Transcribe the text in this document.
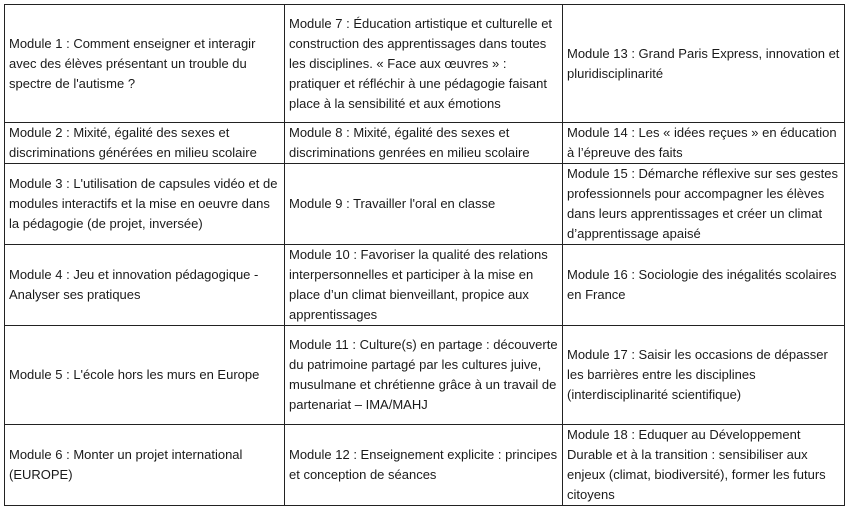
Module 1 : Comment enseigner et interagir avec des élèves présentant un trouble du spectre de l'autisme ?	Module 7 : Éducation artistique et culturelle et construction des apprentissages dans toutes les disciplines. « Face aux œuvres » : pratiquer et réfléchir à une pédagogie faisant place à la sensibilité et aux émotions	Module 13 : Grand Paris Express, innovation et pluridisciplinarité
Module 2 : Mixité, égalité des sexes et discriminations générées en milieu scolaire	Module 8 : Mixité, égalité des sexes et discriminations genrées en milieu scolaire	Module 14 : Les « idées reçues » en éducation à l’épreuve des faits
Module 3 : L'utilisation de capsules vidéo et de modules interactifs et la mise en oeuvre dans la pédagogie (de projet, inversée)	Module 9 : Travailler l'oral en classe	Module 15 : Démarche réflexive sur ses gestes professionnels pour accompagner les élèves dans leurs apprentissages et créer un climat d’apprentissage apaisé
Module 4 : Jeu et innovation pédagogique - Analyser ses pratiques	Module 10 : Favoriser la qualité des relations interpersonnelles et participer à la mise en place d’un climat bienveillant, propice aux apprentissages	Module 16 : Sociologie des inégalités scolaires en France
Module 5 : L'école hors les murs en Europe	Module 11 : Culture(s) en partage : découverte du patrimoine partagé par les cultures juive, musulmane et chrétienne grâce à un travail de partenariat – IMA/MAHJ	Module 17 : Saisir les occasions de dépasser les barrières entre les disciplines (interdisciplinarité scientifique)
Module 6 : Monter un projet international (EUROPE)	Module 12 : Enseignement explicite : principes et conception de séances	Module 18 : Eduquer au Développement Durable et à la transition : sensibiliser aux enjeux (climat, biodiversité), former les futurs citoyens
